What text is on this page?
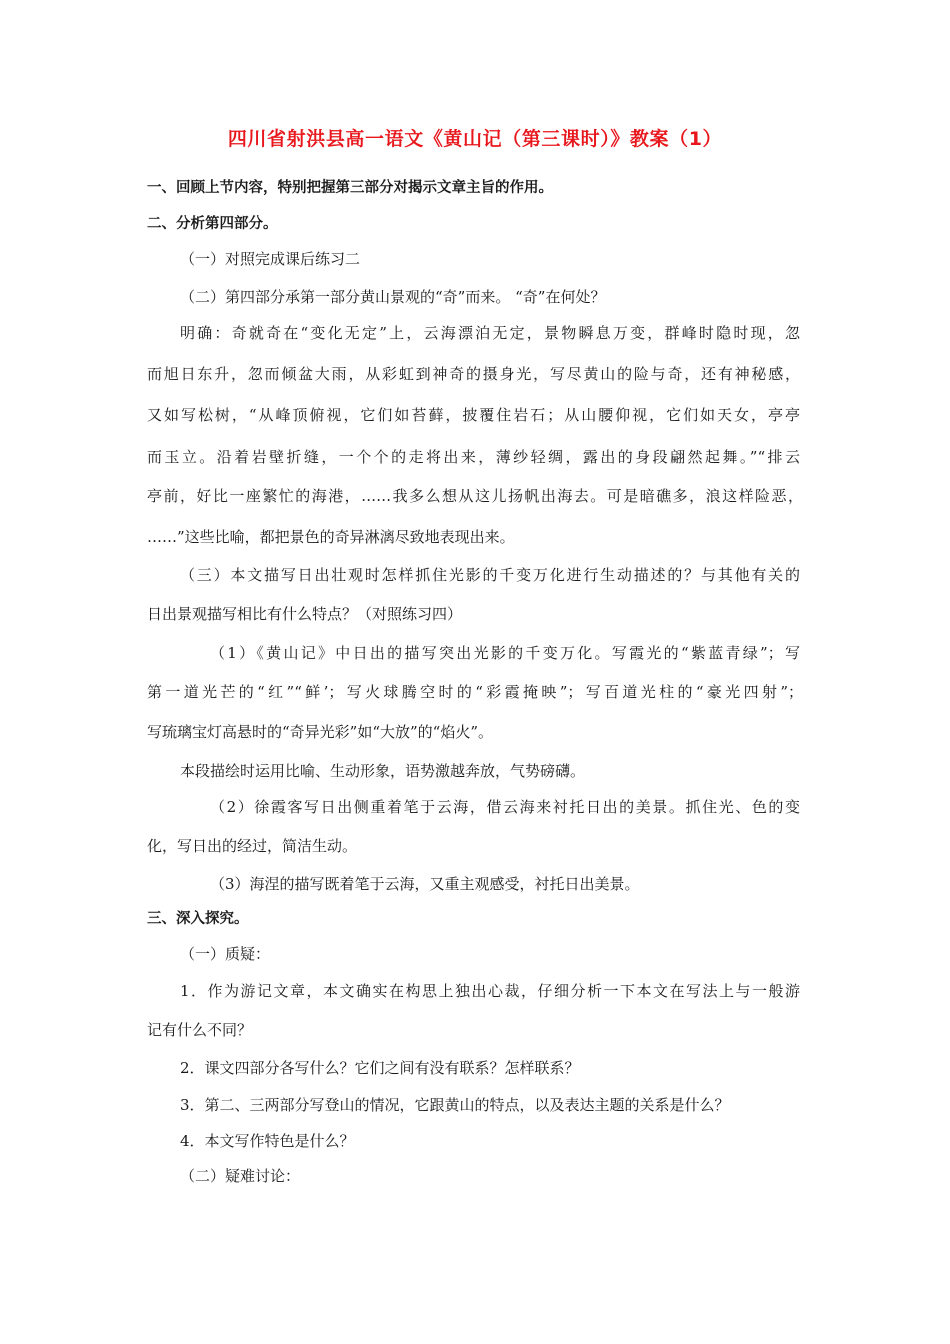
四川省射洪县高一语文《黄山记（第三课时）》教案（1）

一、回顾上节内容，特别把握第三部分对揭示文章主旨的作用。

二、分析第四部分。

（一）对照完成课后练习二

（二）第四部分承第一部分黄山景观的“奇”而来。 “奇”在何处？

明确：奇就奇在“变化无定”上，云海漂泊无定，景物瞬息万变，群峰时隐时现，忽

而旭日东升，忽而倾盆大雨，从彩虹到神奇的摄身光，写尽黄山的险与奇，还有神秘感，

又如写松树，“从峰顶俯视，它们如苔藓，披覆住岩石；从山腰仰视，它们如天女，亭亭

而玉立。沿着岩壁折缝，一个个的走将出来，薄纱轻绸，露出的身段翩然起舞。”“排云

亭前，好比一座繁忙的海港，……我多么想从这儿扬帆出海去。可是暗礁多，浪这样险恶，

……”这些比喻，都把景色的奇异淋漓尽致地表现出来。

（三）本文描写日出壮观时怎样抓住光影的千变万化进行生动描述的？与其他有关的

日出景观描写相比有什么特点？（对照练习四）

（1）《黄山记》中日出的描写突出光影的千变万化。写霞光的“紫蓝青绿”；写

第一道光芒的“红”“鲜’；写火球腾空时的“彩霞掩映”；写百道光柱的“豪光四射”；

写琉璃宝灯高悬时的“奇异光彩”如“大放”的“焰火”。

本段描绘时运用比喻、生动形象，语势激越奔放，气势磅礴。

（2）徐霞客写日出侧重着笔于云海，借云海来衬托日出的美景。抓住光、色的变

化，写日出的经过，简洁生动。

（3）海涅的描写既着笔于云海，又重主观感受，衬托日出美景。

三、深入探究。

（一）质疑：

1．作为游记文章，本文确实在构思上独出心裁，仔细分析一下本文在写法上与一般游

记有什么不同？

2．课文四部分各写什么？它们之间有没有联系？怎样联系？

3．第二、三两部分写登山的情况，它跟黄山的特点，以及表达主题的关系是什么？

4．本文写作特色是什么？

（二）疑难讨论：
